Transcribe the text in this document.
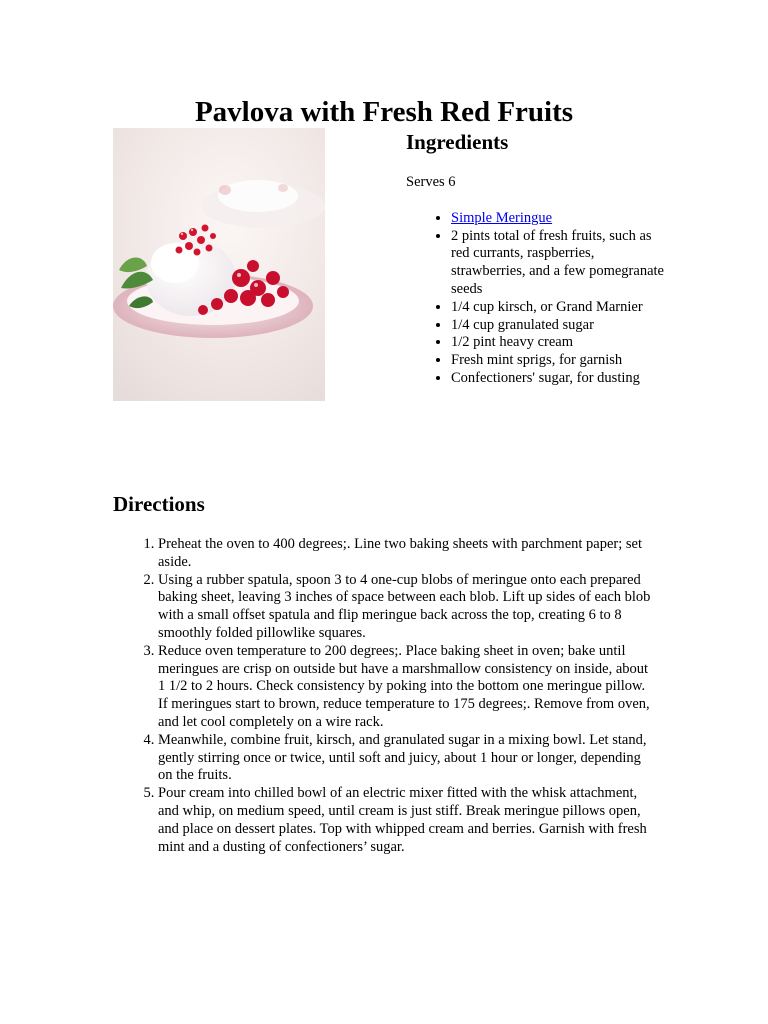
Pavlova with Fresh Red Fruits
Ingredients

Serves 6

• Simple Meringue
• 2 pints total of fresh fruits, such as red currants, raspberries, strawberries, and a few pomegranate seeds
• 1/4 cup kirsch, or Grand Marnier
• 1/4 cup granulated sugar
• 1/2 pint heavy cream
• Fresh mint sprigs, for garnish
• Confectioners' sugar, for dusting
Directions
1. Preheat the oven to 400 degrees;. Line two baking sheets with parchment paper; set aside.
2. Using a rubber spatula, spoon 3 to 4 one-cup blobs of meringue onto each prepared baking sheet, leaving 3 inches of space between each blob. Lift up sides of each blob with a small offset spatula and flip meringue back across the top, creating 6 to 8 smoothly folded pillowlike squares.
3. Reduce oven temperature to 200 degrees;. Place baking sheet in oven; bake until meringues are crisp on outside but have a marshmallow consistency on inside, about 1 1/2 to 2 hours. Check consistency by poking into the bottom one meringue pillow. If meringues start to brown, reduce temperature to 175 degrees;. Remove from oven, and let cool completely on a wire rack.
4. Meanwhile, combine fruit, kirsch, and granulated sugar in a mixing bowl. Let stand, gently stirring once or twice, until soft and juicy, about 1 hour or longer, depending on the fruits.
5. Pour cream into chilled bowl of an electric mixer fitted with the whisk attachment, and whip, on medium speed, until cream is just stiff. Break meringue pillows open, and place on dessert plates. Top with whipped cream and berries. Garnish with fresh mint and a dusting of confectioners’ sugar.
